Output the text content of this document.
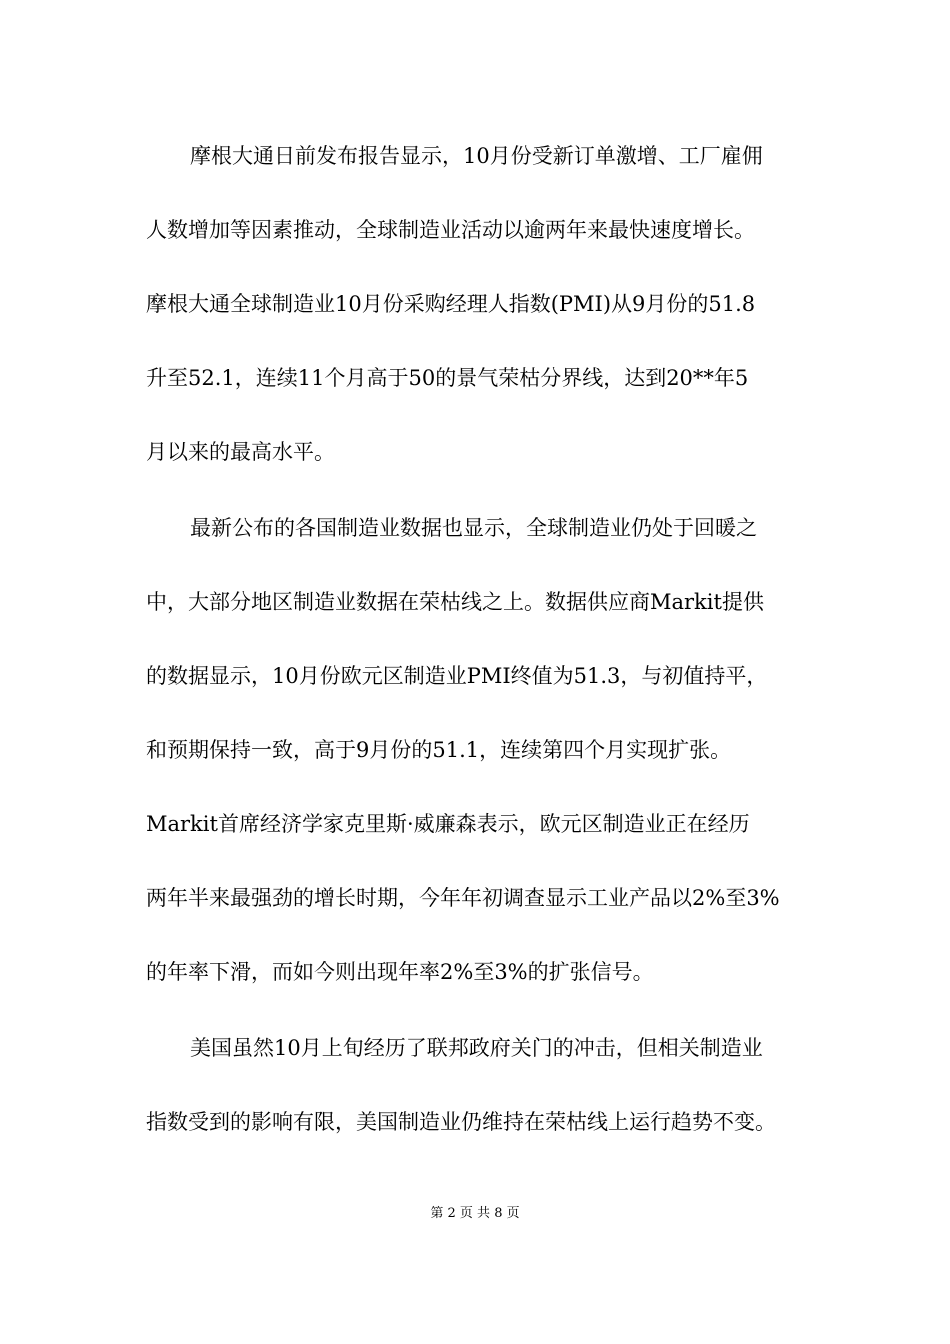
摩根大通日前发布报告显示，10月份受新订单激增、工厂雇佣
人数增加等因素推动，全球制造业活动以逾两年来最快速度增长。
摩根大通全球制造业10月份采购经理人指数(PMI)从9月份的51.8
升至52.1，连续11个月高于50的景气荣枯分界线，达到20**年5
月以来的最高水平。
最新公布的各国制造业数据也显示，全球制造业仍处于回暖之
中，大部分地区制造业数据在荣枯线之上。数据供应商Markit提供
的数据显示，10月份欧元区制造业PMI终值为51.3，与初值持平，
和预期保持一致，高于9月份的51.1，连续第四个月实现扩张。
Markit首席经济学家克里斯·威廉森表示，欧元区制造业正在经历
两年半来最强劲的增长时期，今年年初调查显示工业产品以2%至3%
的年率下滑，而如今则出现年率2%至3%的扩张信号。
美国虽然10月上旬经历了联邦政府关门的冲击，但相关制造业
指数受到的影响有限，美国制造业仍维持在荣枯线上运行趋势不变。
第 2 页 共 8 页
